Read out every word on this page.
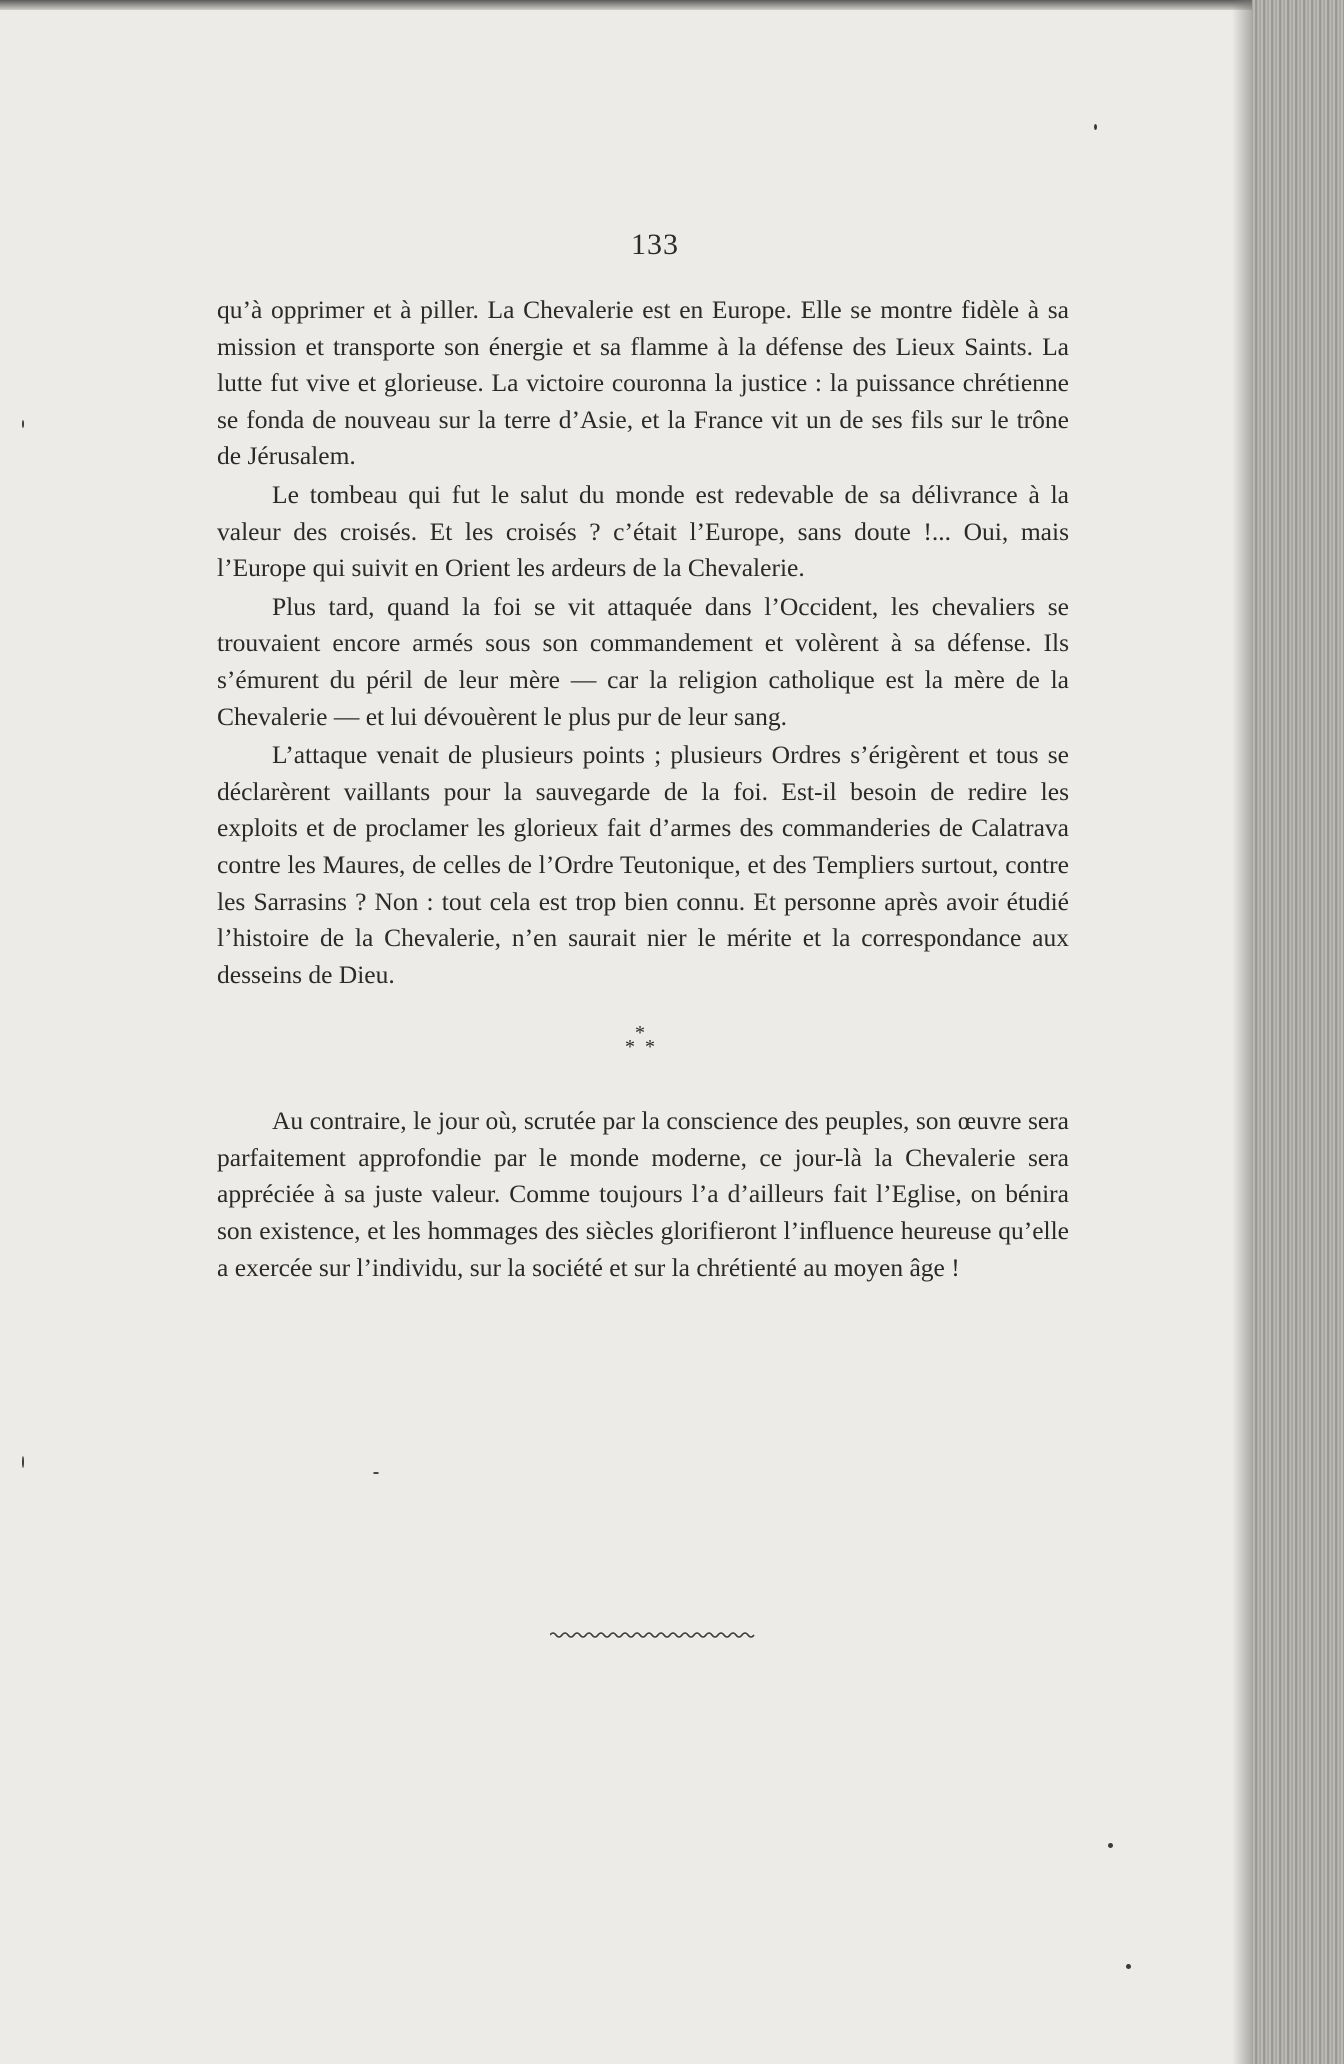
133

qu’à opprimer et à piller. La Chevalerie est en Europe. Elle se montre fidèle à sa mission et transporte son énergie et sa flamme à la défense des Lieux Saints. La lutte fut vive et glorieuse. La victoire couronna la justice : la puissance chrétienne se fonda de nouveau sur la terre d’Asie, et la France vit un de ses fils sur le trône de Jérusalem.

Le tombeau qui fut le salut du monde est redevable de sa délivrance à la valeur des croisés. Et les croisés ? c’était l’Europe, sans doute !... Oui, mais l’Europe qui suivit en Orient les ardeurs de la Chevalerie.

Plus tard, quand la foi se vit attaquée dans l’Occident, les chevaliers se trouvaient encore armés sous son commandement et volèrent à sa défense. Ils s’émurent du péril de leur mère — car la religion catholique est la mère de la Chevalerie — et lui dévouèrent le plus pur de leur sang.

L’attaque venait de plusieurs points ; plusieurs Ordres s’érigèrent et tous se déclarèrent vaillants pour la sauvegarde de la foi. Est-il besoin de redire les exploits et de proclamer les glorieux fait d’armes des commanderies de Calatrava contre les Maures, de celles de l’Ordre Teutonique, et des Templiers surtout, contre les Sarrasins ? Non : tout cela est trop bien connu. Et personne après avoir étudié l’histoire de la Chevalerie, n’en saurait nier le mérite et la correspondance aux desseins de Dieu.

*
* *

Au contraire, le jour où, scrutée par la conscience des peuples, son œuvre sera parfaitement approfondie par le monde moderne, ce jour-là la Chevalerie sera appréciée à sa juste valeur. Comme toujours l’a d’ailleurs fait l’Eglise, on bénira son existence, et les hommages des siècles glorifieront l’influence heureuse qu’elle a exercée sur l’individu, sur la société et sur la chrétienté au moyen âge !
